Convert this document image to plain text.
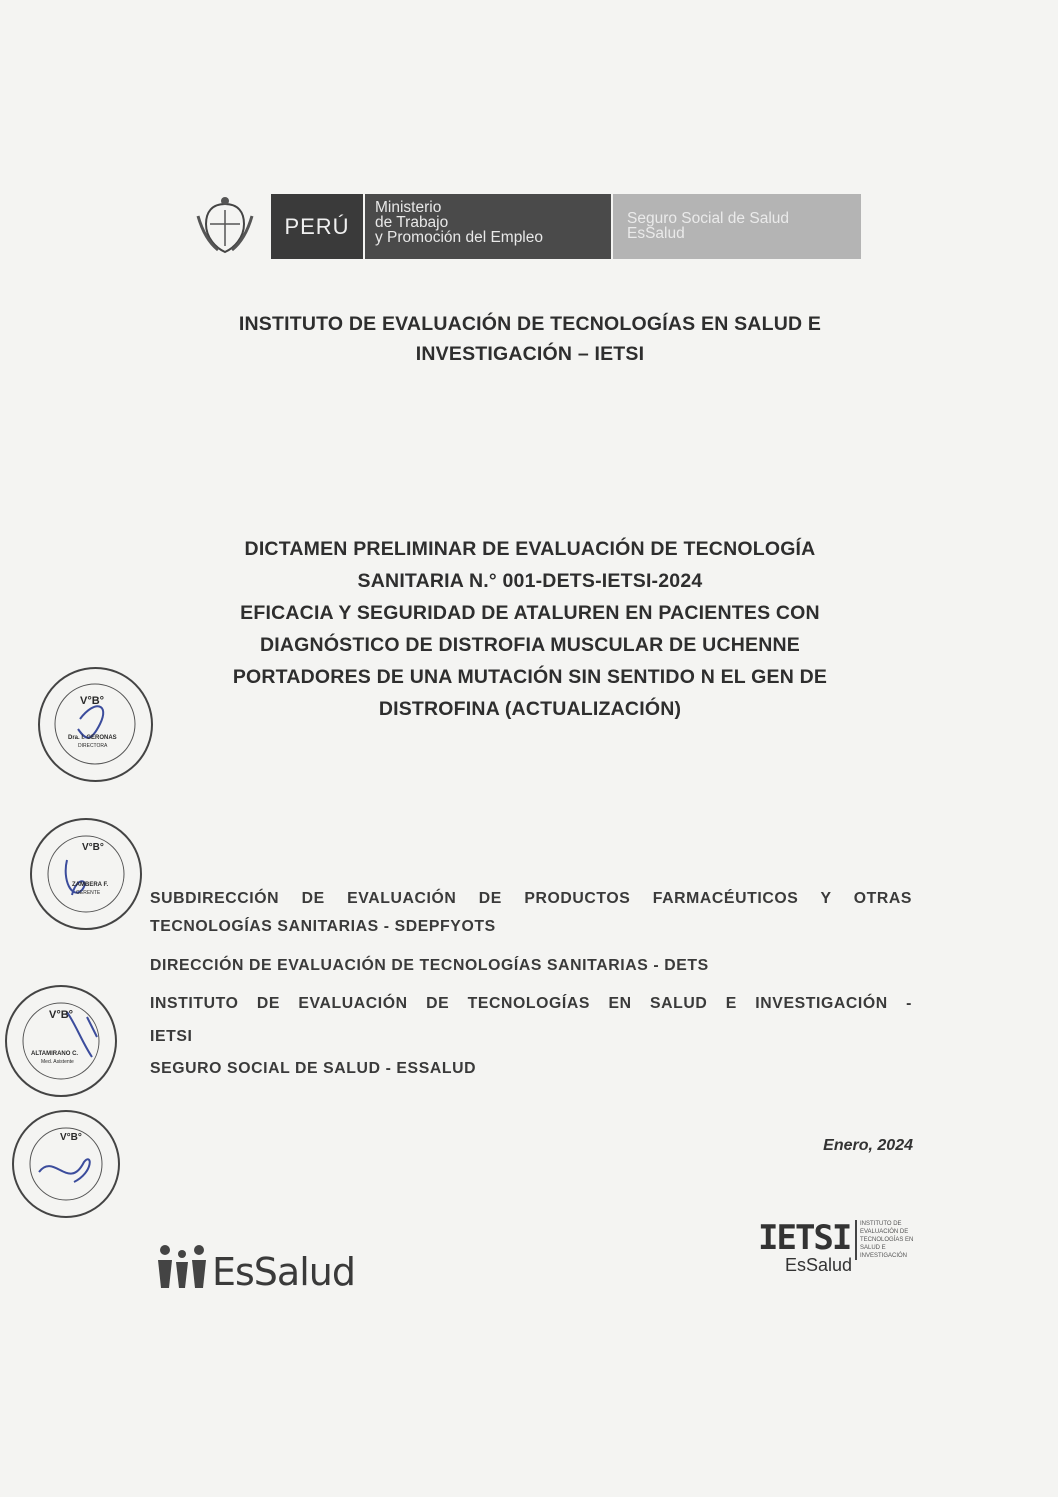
PERÚ
Ministerio
de Trabajo
y Promoción del Empleo
Seguro Social de Salud
EsSalud
INSTITUTO DE EVALUACIÓN DE TECNOLOGÍAS EN SALUD E
INVESTIGACIÓN – IETSI
DICTAMEN PRELIMINAR DE EVALUACIÓN DE TECNOLOGÍA
SANITARIA N.° 001-DETS-IETSI-2024
EFICACIA Y SEGURIDAD DE ATALUREN EN PACIENTES CON
DIAGNÓSTICO DE DISTROFIA MUSCULAR DE UCHENNE
PORTADORES DE UNA MUTACIÓN SIN SENTIDO N EL GEN DE
DISTROFINA (ACTUALIZACIÓN)
SUBDIRECCIÓN DE EVALUACIÓN DE PRODUCTOS FARMACÉUTICOS Y OTRAS
TECNOLOGÍAS SANITARIAS - SDEPFYOTS
DIRECCIÓN DE EVALUACIÓN DE TECNOLOGÍAS SANITARIAS - DETS
INSTITUTO DE EVALUACIÓN DE TECNOLOGÍAS EN SALUD E INVESTIGACIÓN -
IETSI
SEGURO SOCIAL DE SALUD - ESSALUD
Enero, 2024
V°B°
Dra. I. GERONAS
DIRECTORA
V°B°
ZAMBERA F.
GERENTE
V°B°
ALTAMIRANO C.
Med. Asistente
V°B°
EsSalud
IETSI
EsSalud
INSTITUTO DE
EVALUACIÓN DE
TECNOLOGÍAS EN
SALUD E
INVESTIGACIÓN
